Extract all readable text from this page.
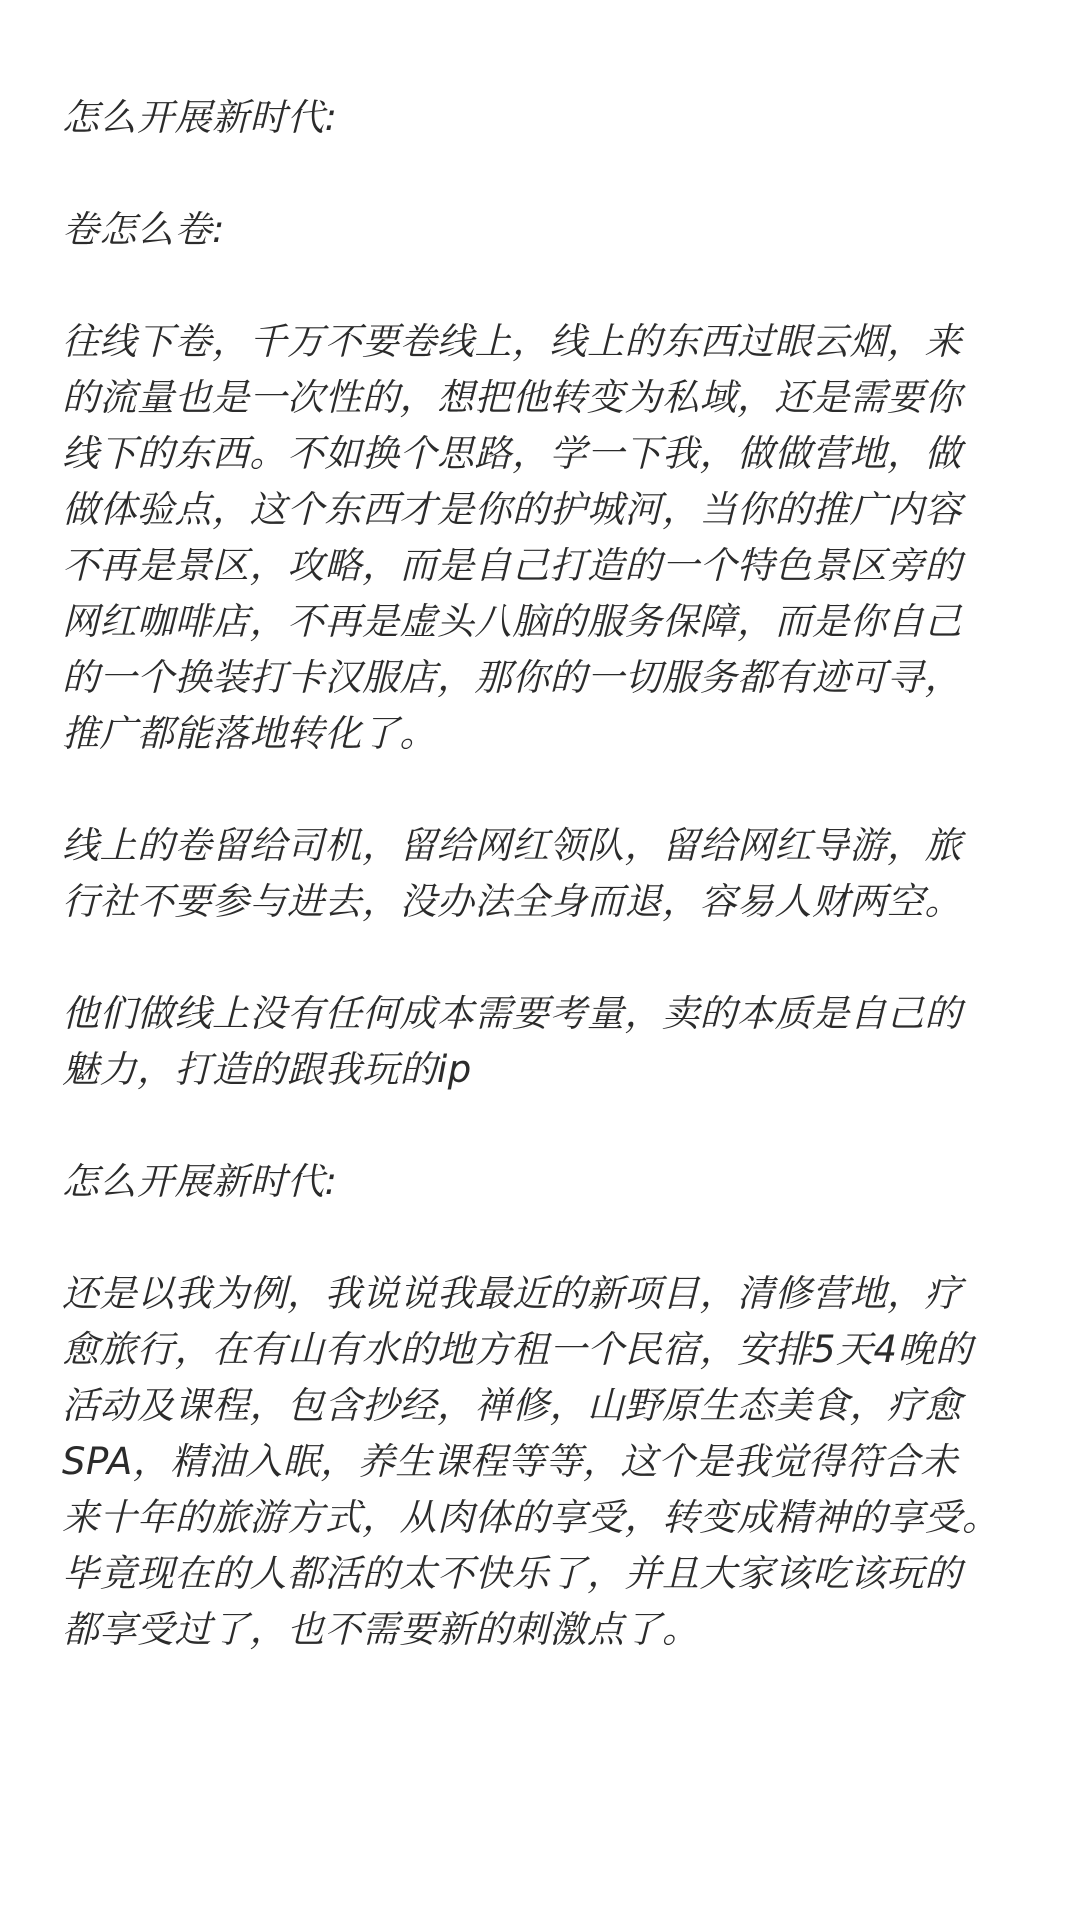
怎么开展新时代:

卷怎么卷:

往线下卷，千万不要卷线上，线上的东西过眼云烟，来
的流量也是一次性的，想把他转变为私域，还是需要你
线下的东西。不如换个思路，学一下我，做做营地，做
做体验点，这个东西才是你的护城河，当你的推广内容
不再是景区，攻略，而是自己打造的一个特色景区旁的
网红咖啡店，不再是虚头八脑的服务保障，而是你自己
的一个换装打卡汉服店，那你的一切服务都有迹可寻，
推广都能落地转化了。

线上的卷留给司机，留给网红领队，留给网红导游，旅
行社不要参与进去，没办法全身而退，容易人财两空。

他们做线上没有任何成本需要考量，卖的本质是自己的
魅力，打造的跟我玩的ip

怎么开展新时代:

还是以我为例，我说说我最近的新项目，清修营地，疗
愈旅行，在有山有水的地方租一个民宿，安排5天4晚的
活动及课程，包含抄经，禅修，山野原生态美食，疗愈
SPA，精油入眠，养生课程等等，这个是我觉得符合未
来十年的旅游方式，从肉体的享受，转变成精神的享受。
毕竟现在的人都活的太不快乐了，并且大家该吃该玩的
都享受过了，也不需要新的刺激点了。
